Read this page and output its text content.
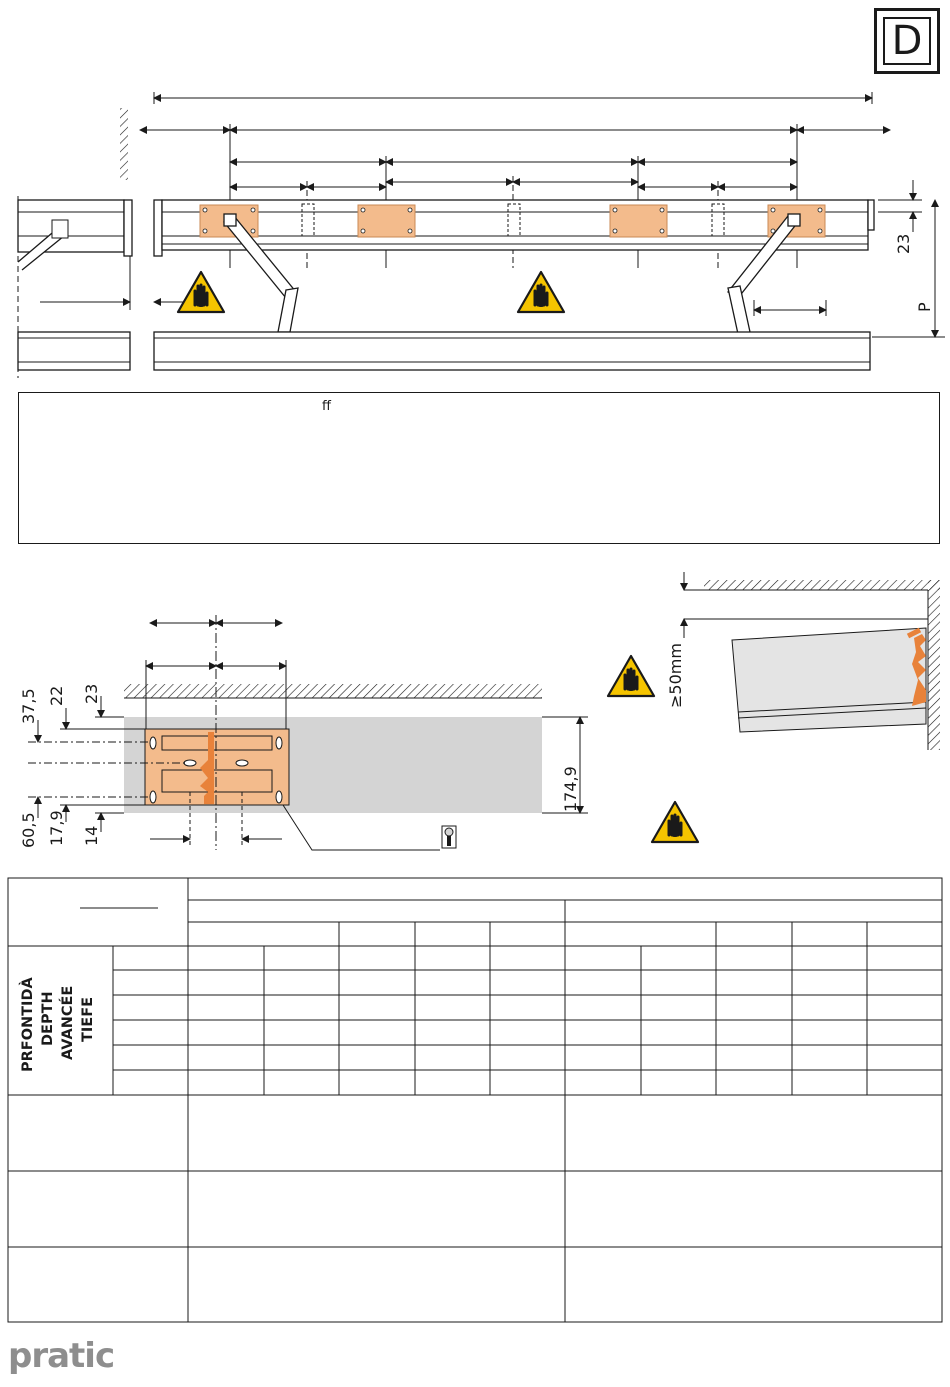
D
23
P
ff
37,5 22 23
60,5 17,9 14
174,9
≥50mm
PRFONTIDÀ DEPTH AVANCÉE TIEFE
pratic
